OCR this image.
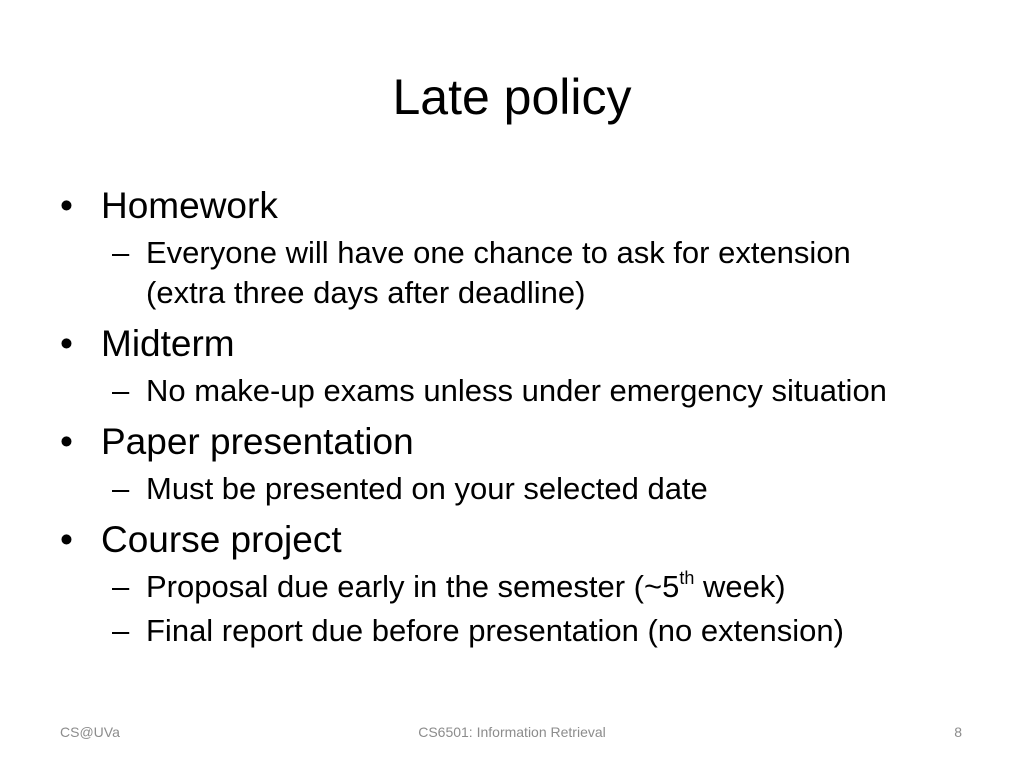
Late policy
• Homework
– Everyone will have one chance to ask for extension
(extra three days after deadline)
• Midterm
– No make-up exams unless under emergency situation
• Paper presentation
– Must be presented on your selected date
• Course project
– Proposal due early in the semester (~5th week)
– Final report due before presentation (no extension)
CS@UVa	CS6501: Information Retrieval	8
